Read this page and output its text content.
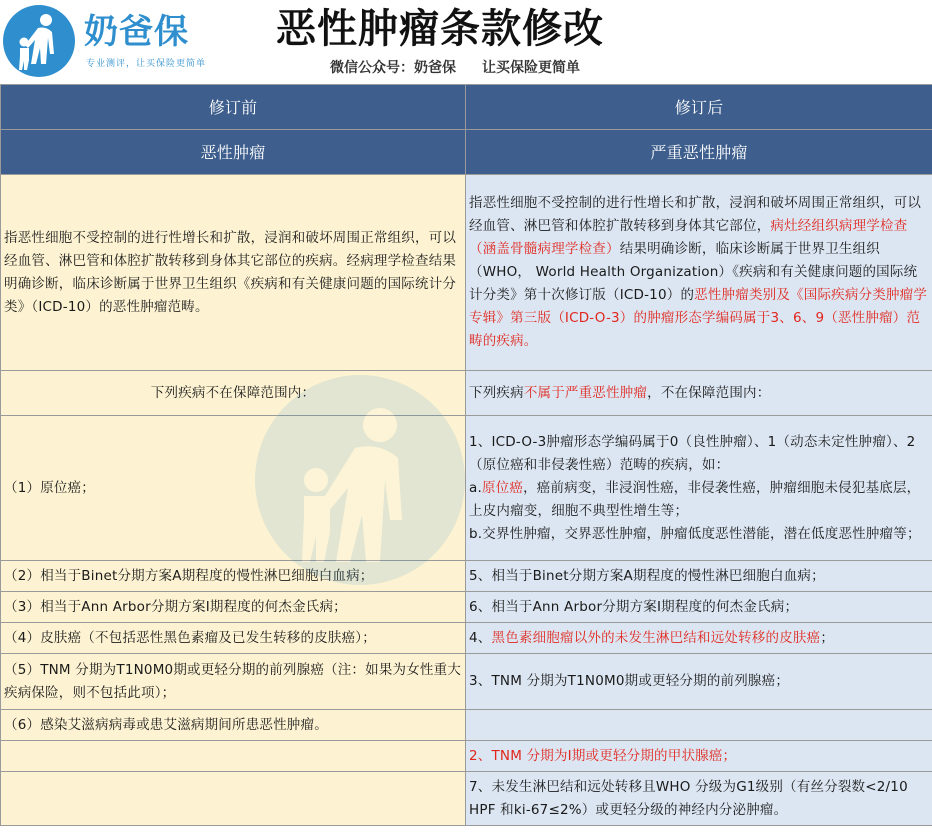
奶爸保
专业测评，让买保险更简单
恶性肿瘤条款修改
微信公众号：奶爸保 让买保险更简单
修订前	修订后
恶性肿瘤	严重恶性肿瘤
指恶性细胞不受控制的进行性增长和扩散，浸润和破坏周围正常组织，可以经血管、淋巴管和体腔扩散转移到身体其它部位的疾病。经病理学检查结果明确诊断，临床诊断属于世界卫生组织《疾病和有关健康问题的国际统计分类》（ICD-10）的恶性肿瘤范畴。	指恶性细胞不受控制的进行性增长和扩散，浸润和破坏周围正常组织，可以经血管、淋巴管和体腔扩散转移到身体其它部位，病灶经组织病理学检查（涵盖骨髓病理学检查）结果明确诊断，临床诊断属于世界卫生组织（WHO， World Health Organization）《疾病和有关健康问题的国际统计分类》第十次修订版（ICD-10）的恶性肿瘤类别及《国际疾病分类肿瘤学专辑》第三版（ICD-O-3）的肿瘤形态学编码属于3、6、9（恶性肿瘤）范畴的疾病。
下列疾病不在保障范围内：	下列疾病不属于严重恶性肿瘤，不在保障范围内：
（1）原位癌；	1、ICD-O-3肿瘤形态学编码属于0（良性肿瘤）、1（动态未定性肿瘤）、2（原位癌和非侵袭性癌）范畴的疾病，如：
a.原位癌，癌前病变，非浸润性癌，非侵袭性癌，肿瘤细胞未侵犯基底层，上皮内瘤变，细胞不典型性增生等；
b.交界性肿瘤，交界恶性肿瘤，肿瘤低度恶性潜能，潜在低度恶性肿瘤等；
（2）相当于Binet分期方案A期程度的慢性淋巴细胞白血病；	5、相当于Binet分期方案A期程度的慢性淋巴细胞白血病；
（3）相当于Ann Arbor分期方案Ⅰ期程度的何杰金氏病；	6、相当于Ann Arbor分期方案Ⅰ期程度的何杰金氏病；
（4）皮肤癌（不包括恶性黑色素瘤及已发生转移的皮肤癌）；	4、黑色素细胞瘤以外的未发生淋巴结和远处转移的皮肤癌；
（5）TNM 分期为T1N0M0期或更轻分期的前列腺癌（注：如果为女性重大疾病保险，则不包括此项）；	3、TNM 分期为T1N0M0期或更轻分期的前列腺癌；
（6）感染艾滋病病毒或患艾滋病期间所患恶性肿瘤。	
	2、TNM 分期为Ⅰ期或更轻分期的甲状腺癌；
	7、未发生淋巴结和远处转移且WHO 分级为G1级别（有丝分裂数<2/10 HPF 和ki-67≤2%）或更轻分级的神经内分泌肿瘤。
